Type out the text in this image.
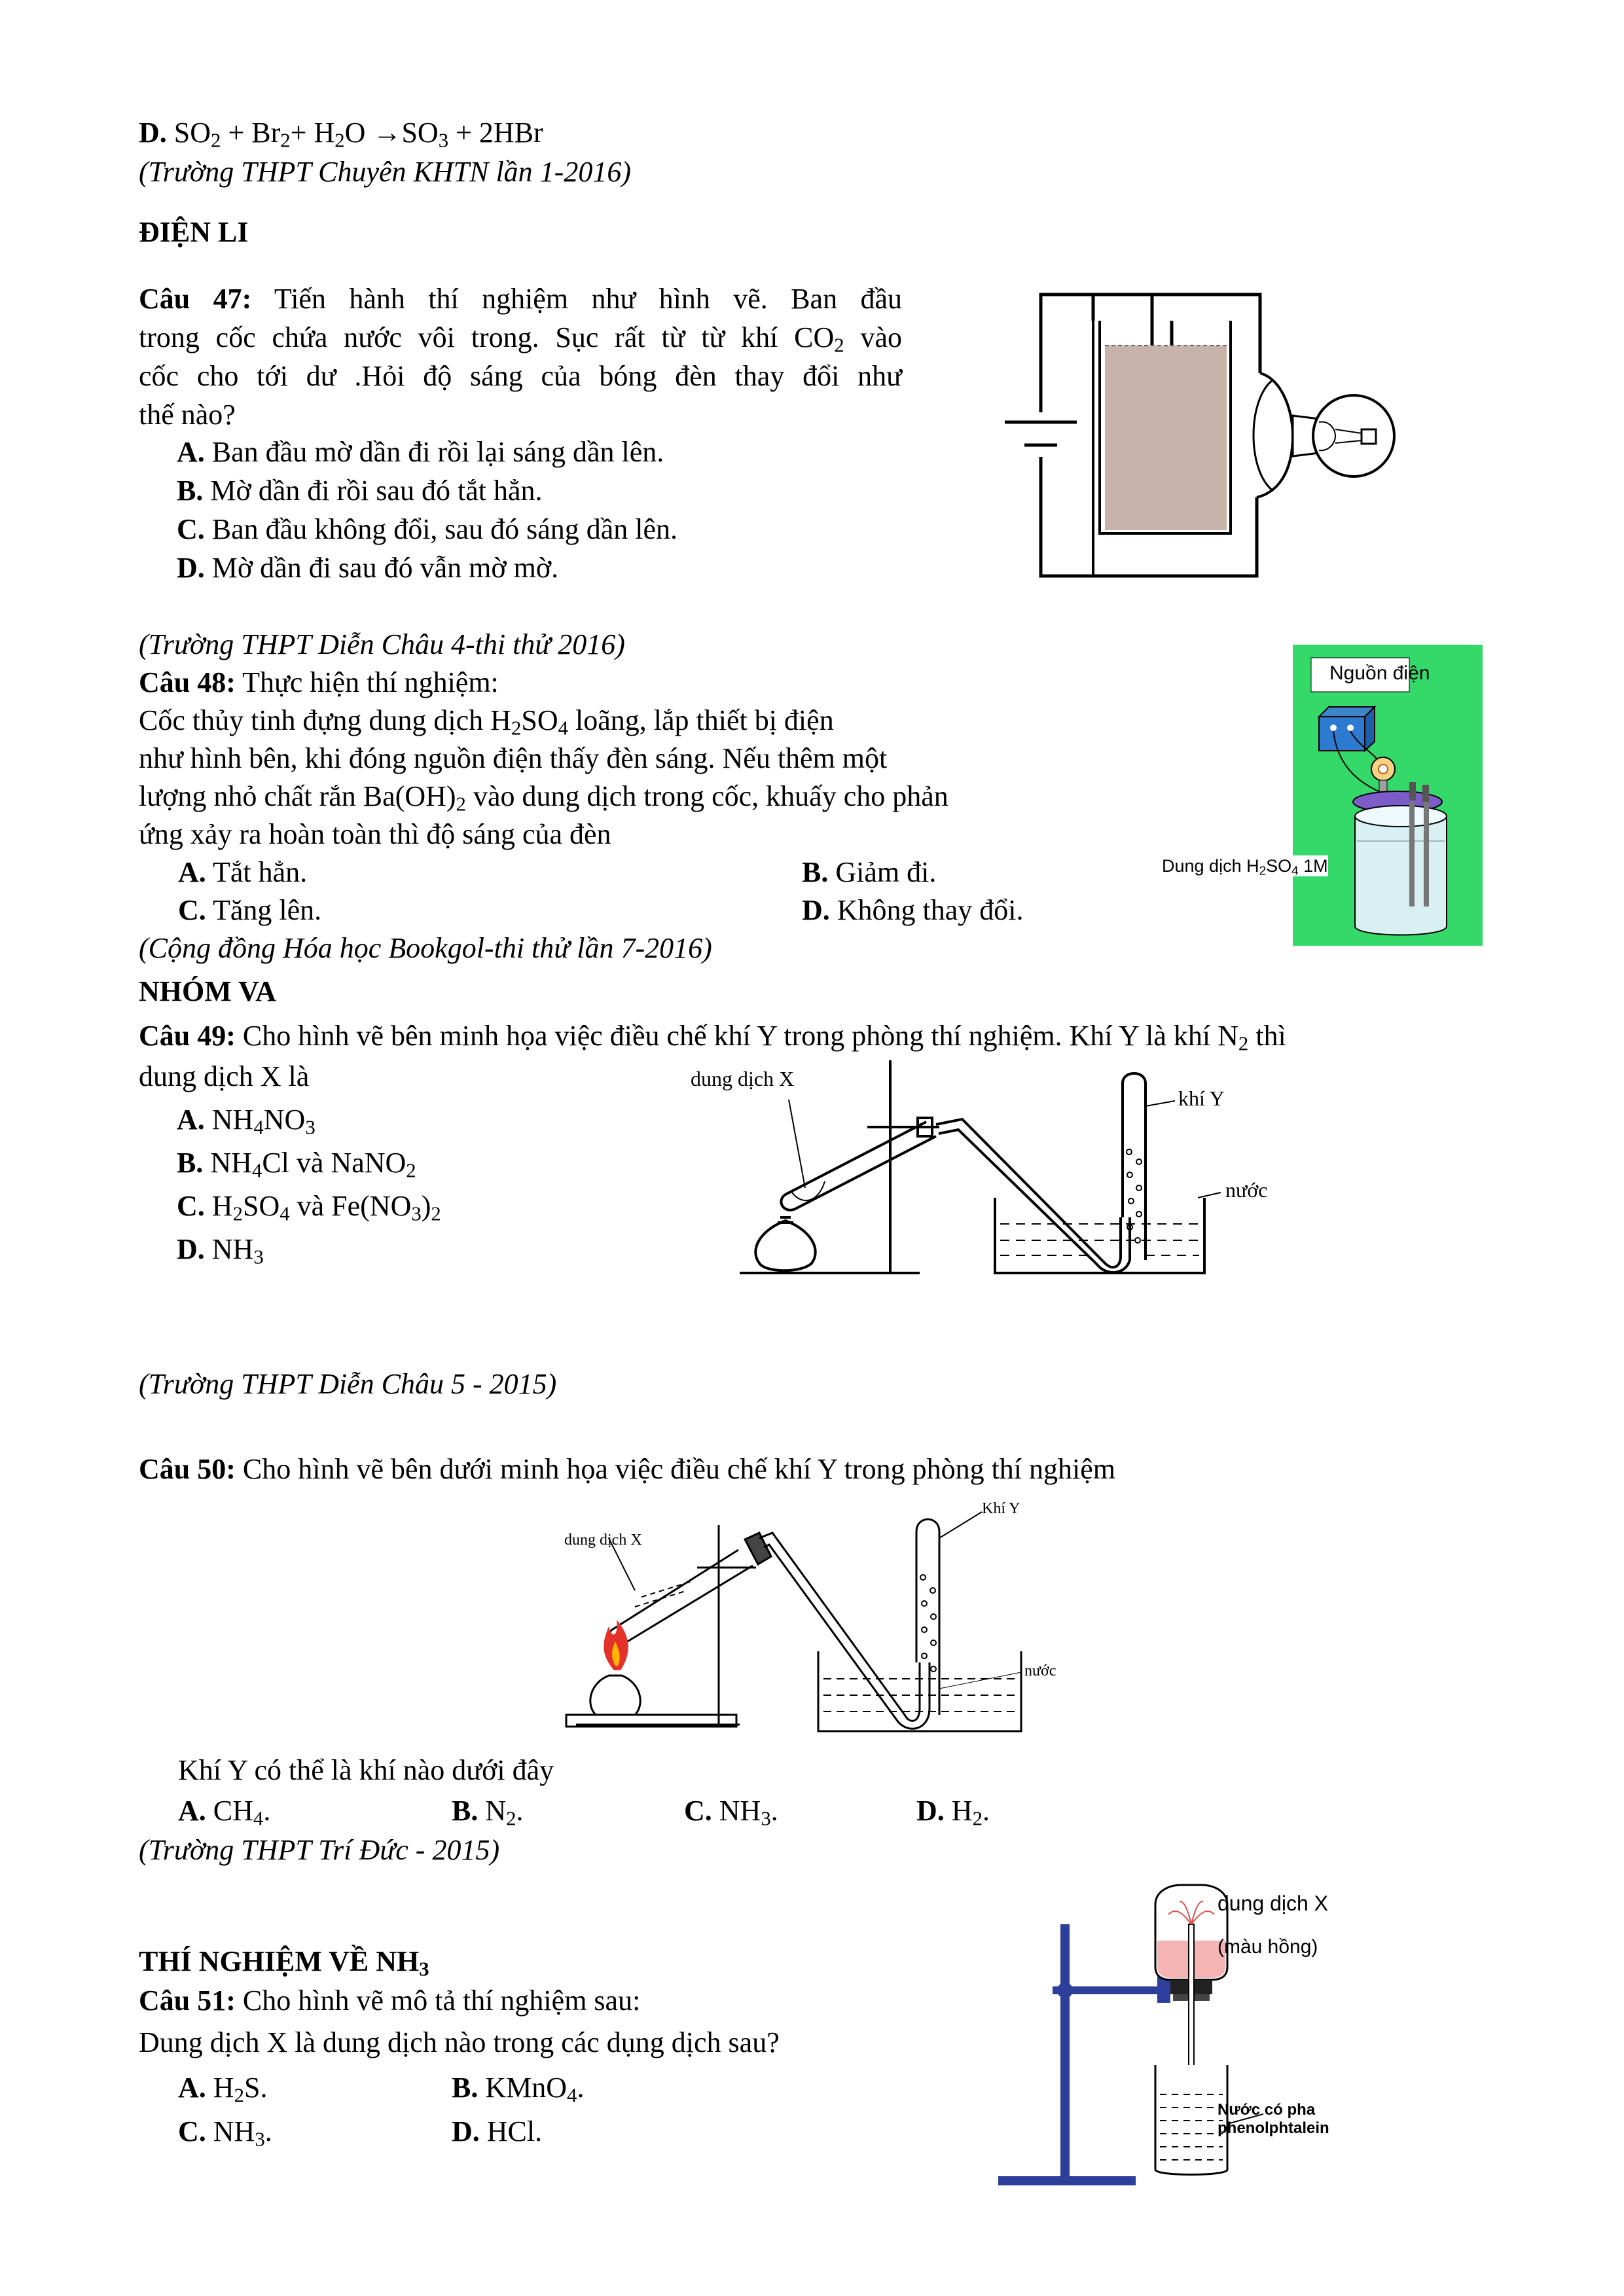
D. $SO_2 + Br_2+ H_2O \to SO_3 + 2HBr$
(Trường THPT Chuyên KHTN lần 1-2016)
ĐIỆN LI
Câu 47: Tiến hành thí nghiệm như hình vẽ. Ban đầu
trong cốc chứa nước vôi trong. Sục rất từ từ khí $CO_2$ vào
cốc cho tới dư .Hỏi độ sáng của bóng đèn thay đổi như
thế nào?
A. Ban đầu mờ dần đi rồi lại sáng dần lên.
B. Mờ dần đi rồi sau đó tắt hẳn.
C. Ban đầu không đổi, sau đó sáng dần lên.
D. Mờ dần đi sau đó vẫn mờ mờ.
(Trường THPT Diễn Châu 4-thi thử 2016)
Câu 48: Thực hiện thí nghiệm:
Cốc thủy tinh đựng dung dịch $H_2SO_4$ loãng, lắp thiết bị điện
như hình bên, khi đóng nguồn điện thấy đèn sáng. Nếu thêm một
lượng nhỏ chất rắn $Ba(OH)_2$ vào dung dịch trong cốc, khuấy cho phản
ứng xảy ra hoàn toàn thì độ sáng của đèn
A. Tắt hẳn.	B. Giảm đi.
C. Tăng lên.	D. Không thay đổi.
(Cộng đồng Hóa học Bookgol-thi thử lần 7-2016)
Nguồn điện
Dung dịch $H_2SO_4$ 1M
NHÓM VA
Câu 49: Cho hình vẽ bên minh họa việc điều chế khí Y trong phòng thí nghiệm. Khí Y là khí $N_2$ thì
dung dịch X là
A. $NH_4NO_3$
B. $NH_4Cl$ và NaNO$_2$
C. $H_2SO_4$ và $Fe(NO_3)_2$
D. $NH_3$
dung dịch X
khí Y
nước
(Trường THPT Diễn Châu 5 - 2015)
Câu 50: Cho hình vẽ bên dưới minh họa việc điều chế khí Y trong phòng thí nghiệm
dung dịch X
Khí Y
nước
Khí Y có thể là khí nào dưới đây
A. $CH_4$.	B. $N_2$.	C. $NH_3$.	D. $H_2$.
(Trường THPT Trí Đức - 2015)
THÍ NGHIỆM VỀ $NH_3$
Câu 51: Cho hình vẽ mô tả thí nghiệm sau:
Dung dịch X là dung dịch nào trong các dụng dịch sau?
A. $H_2S$.	B. KMnO$_4$.
C. $NH_3$.	D. HCl.
dung dịch X
(màu hồng)
Nước có pha
phenolphtalein
